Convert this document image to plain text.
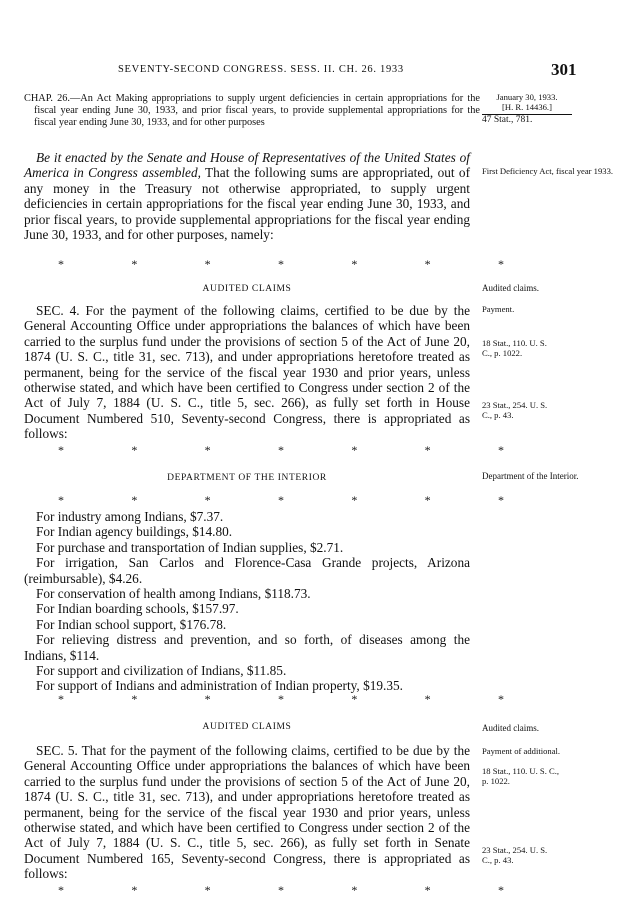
SEVENTY-SECOND CONGRESS. SESS. II. CH. 26. 1933	301
CHAP. 26.—An Act Making appropriations to supply urgent deficiencies in certain appropriations for the fiscal year ending June 30, 1933, and prior fiscal years, to provide supplemental appropriations for the fiscal year ending June 30, 1933, and for other purposes
Be it enacted by the Senate and House of Representatives of the United States of America in Congress assembled, That the following sums are appropriated, out of any money in the Treasury not otherwise appropriated, to supply urgent deficiencies in certain appropriations for the fiscal year ending June 30, 1933, and prior fiscal years, to provide supplemental appropriations for the fiscal year ending June 30, 1933, and for other purposes, namely:
*	*	*	*	*	*	*
AUDITED CLAIMS
SEC. 4. For the payment of the following claims, certified to be due by the General Accounting Office under appropriations the balances of which have been carried to the surplus fund under the provisions of section 5 of the Act of June 20, 1874 (U. S. C., title 31, sec. 713), and under appropriations heretofore treated as permanent, being for the service of the fiscal year 1930 and prior years, unless otherwise stated, and which have been certified to Congress under section 2 of the Act of July 7, 1884 (U. S. C., title 5, sec. 266), as fully set forth in House Document Numbered 510, Seventy-second Congress, there is appropriated as follows:
*	*	*	*	*	*	*
DEPARTMENT OF THE INTERIOR
*	*	*	*	*	*	*
For industry among Indians, $7.37.
For Indian agency buildings, $14.80.
For purchase and transportation of Indian supplies, $2.71.
For irrigation, San Carlos and Florence-Casa Grande projects, Arizona (reimbursable), $4.26.
For conservation of health among Indians, $118.73.
For Indian boarding schools, $157.97.
For Indian school support, $176.78.
For relieving distress and prevention, and so forth, of diseases among the Indians, $114.
For support and civilization of Indians, $11.85.
For support of Indians and administration of Indian property, $19.35.
*	*	*	*	*	*	*
AUDITED CLAIMS
SEC. 5. That for the payment of the following claims, certified to be due by the General Accounting Office under appropriations the balances of which have been carried to the surplus fund under the provisions of section 5 of the Act of June 20, 1874 (U. S. C., title 31, sec. 713), and under appropriations heretofore treated as permanent, being for the service of the fiscal year 1930 and prior years, unless otherwise stated, and which have been certified to Congress under section 2 of the Act of July 7, 1884 (U. S. C., title 5, sec. 266), as fully set forth in Senate Document Numbered 165, Seventy-second Congress, there is appropriated as follows:
*	*	*	*	*	*	*
January 30, 1933.
[H. R. 14436.]
47 Stat., 781.
First Deficiency Act, fiscal year 1933.
Audited claims.
Payment.
18 Stat., 110. U. S. C., p. 1022.
23 Stat., 254. U. S. C., p. 43.
Department of the Interior.
Audited claims.
Payment of additional.
18 Stat., 110. U. S. C., p. 1022.
23 Stat., 254. U. S. C., p. 43.
